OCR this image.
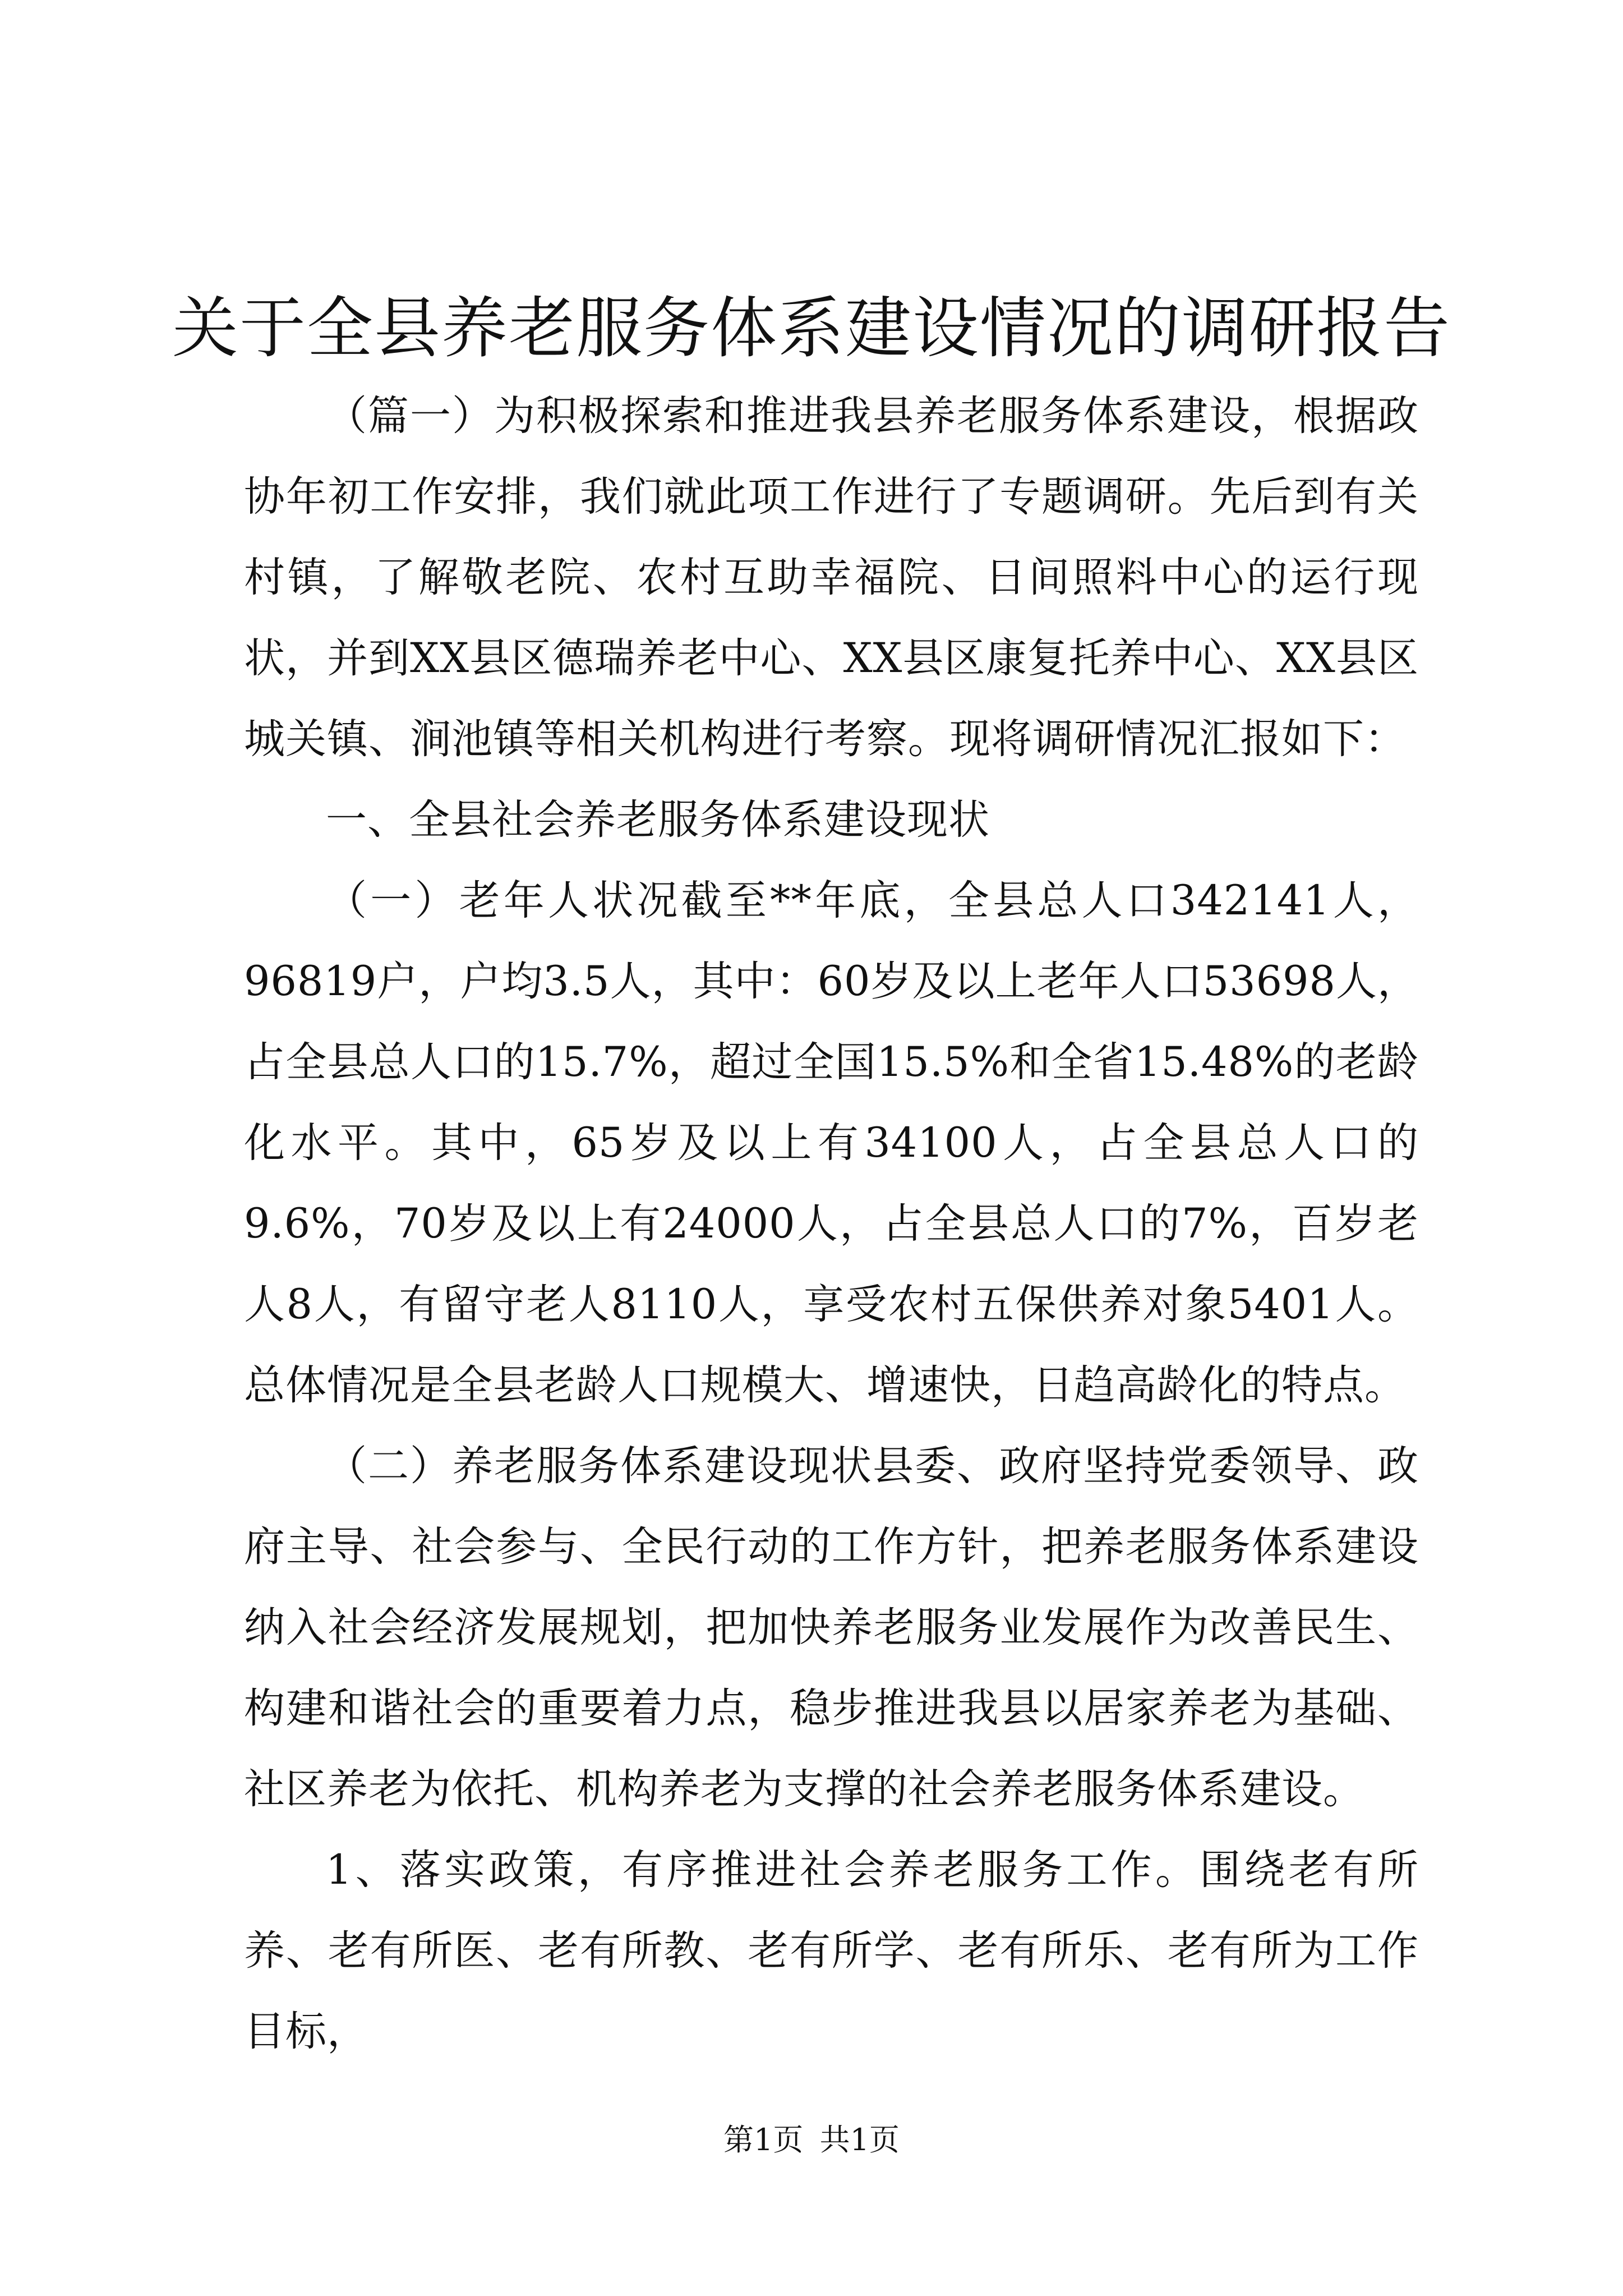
关于全县养老服务体系建设情况的调研报告

（篇一）为积极探索和推进我县养老服务体系建设，根据政协年初工作安排，我们就此项工作进行了专题调研。先后到有关村镇，了解敬老院、农村互助幸福院、日间照料中心的运行现状，并到XX县区德瑞养老中心、XX县区康复托养中心、XX县区城关镇、涧池镇等相关机构进行考察。现将调研情况汇报如下：

一、全县社会养老服务体系建设现状

（一）老年人状况截至**年底，全县总人口342141人，96819户，户均3.5人，其中：60岁及以上老年人口53698人，占全县总人口的15.7%，超过全国15.5%和全省15.48%的老龄化水平。其中，65岁及以上有34100人，占全县总人口的9.6%，70岁及以上有24000人，占全县总人口的7%，百岁老人8人，有留守老人8110人，享受农村五保供养对象5401人。总体情况是全县老龄人口规模大、增速快，日趋高龄化的特点。

（二）养老服务体系建设现状县委、政府坚持党委领导、政府主导、社会参与、全民行动的工作方针，把养老服务体系建设纳入社会经济发展规划，把加快养老服务业发展作为改善民生、构建和谐社会的重要着力点，稳步推进我县以居家养老为基础、社区养老为依托、机构养老为支撑的社会养老服务体系建设。

1、落实政策，有序推进社会养老服务工作。围绕老有所养、老有所医、老有所教、老有所学、老有所乐、老有所为工作目标，

第1页 共1页
